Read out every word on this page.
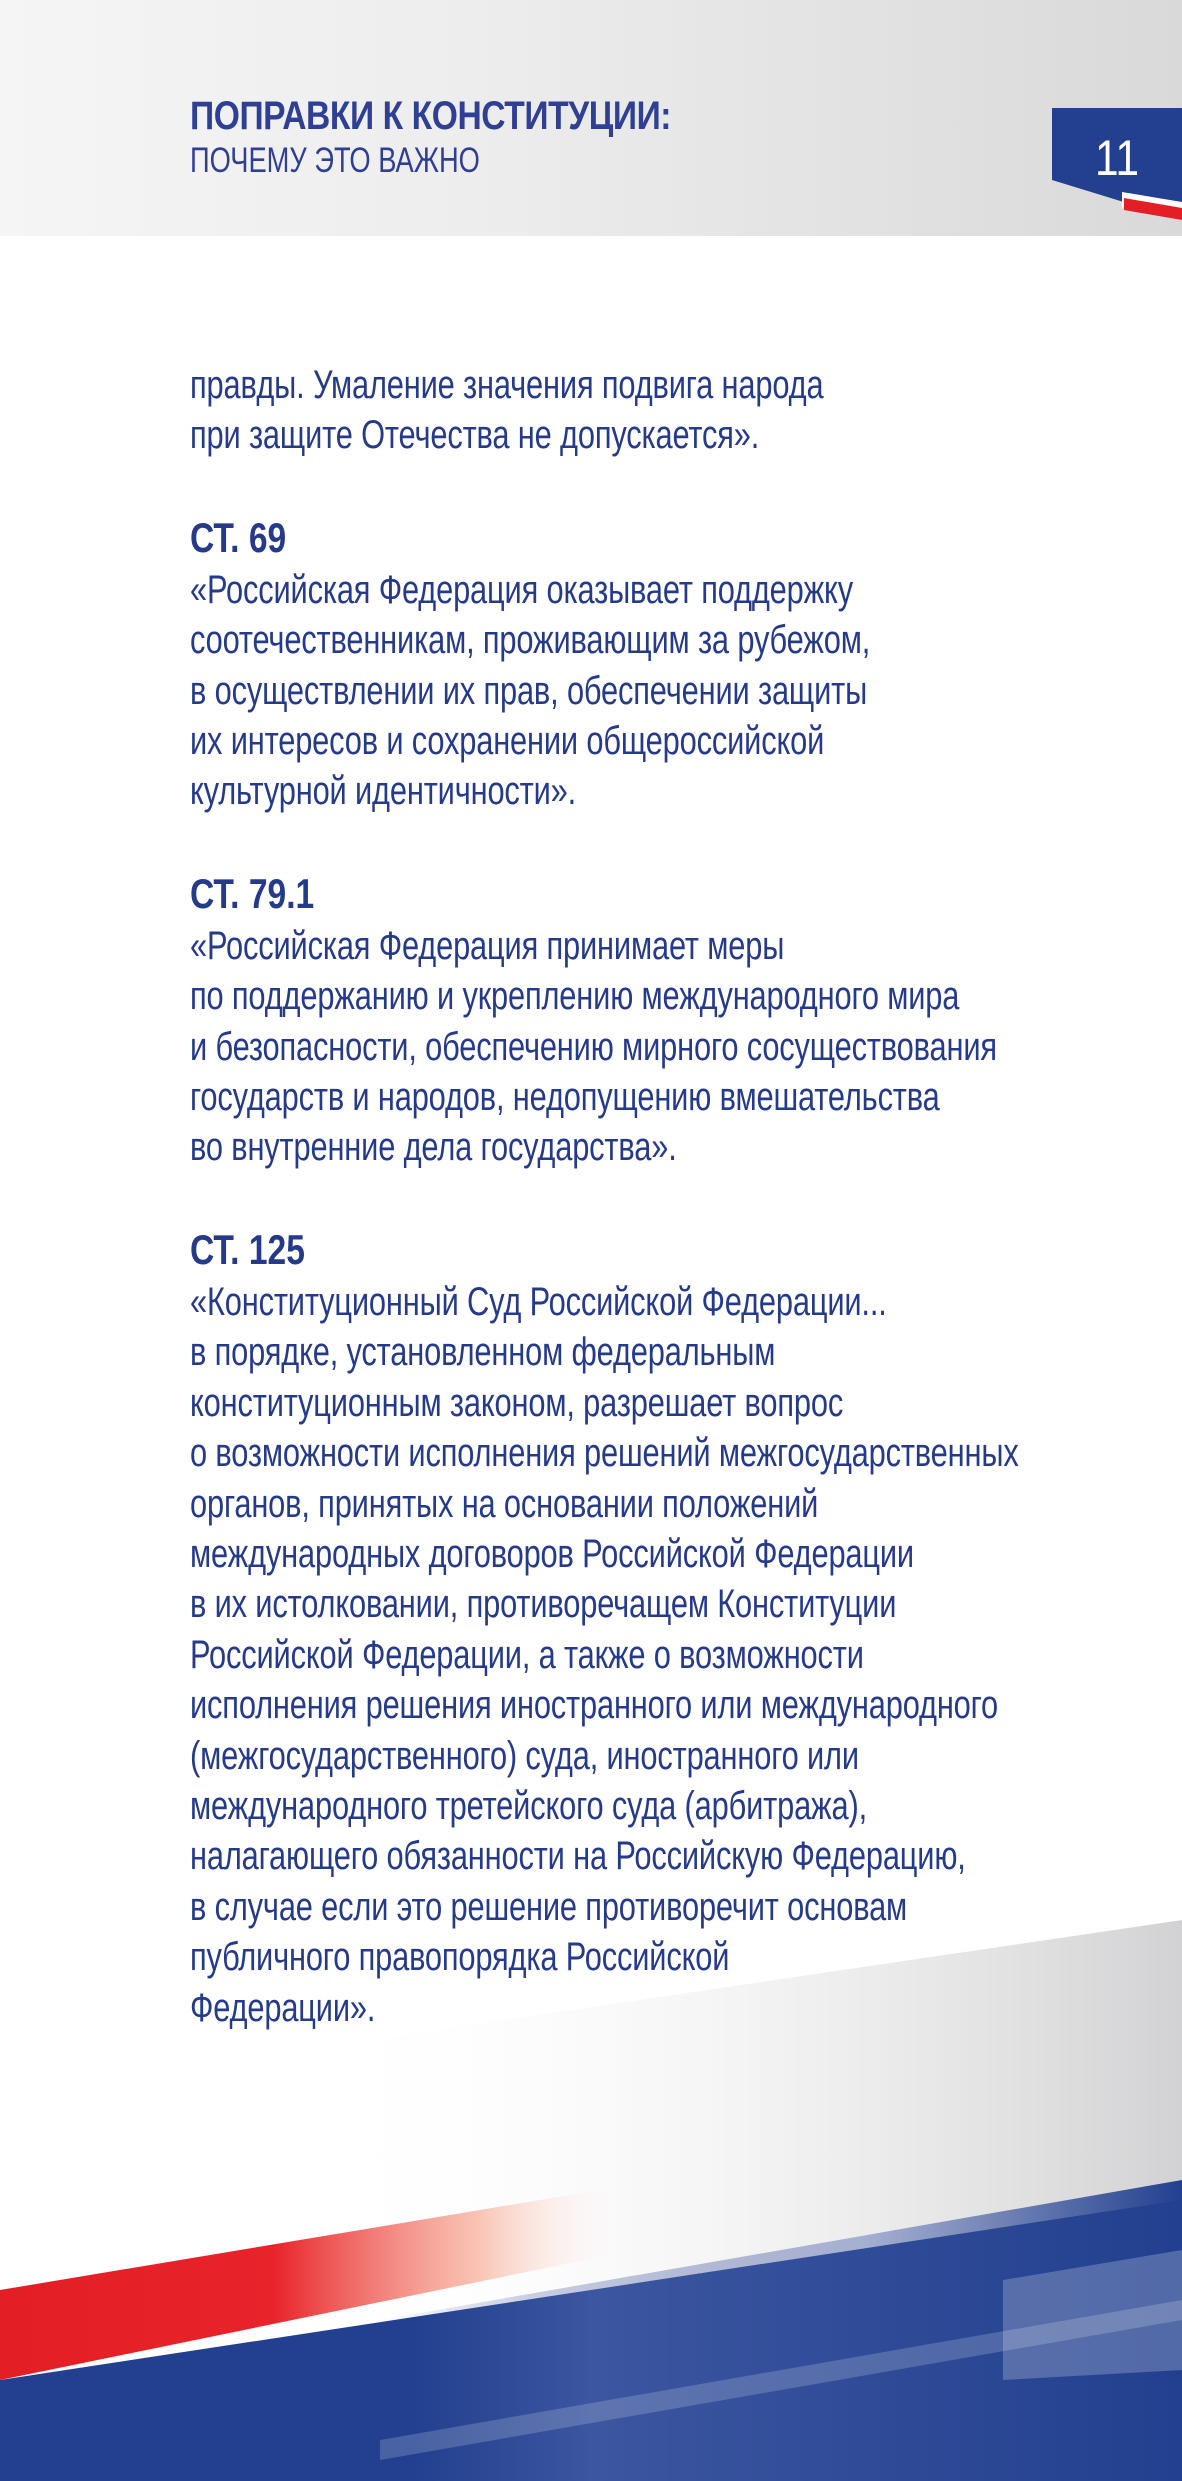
ПОПРАВКИ К КОНСТИТУЦИИ:
ПОЧЕМУ ЭТО ВАЖНО	11
правды. Умаление значения подвига народа
при защите Отечества не допускается».
СТ. 69
«Российская Федерация оказывает поддержку
соотечественникам, проживающим за рубежом,
в осуществлении их прав, обеспечении защиты
их интересов и сохранении общероссийской
культурной идентичности».
СТ. 79.1
«Российская Федерация принимает меры
по поддержанию и укреплению международного мира
и безопасности, обеспечению мирного сосуществования
государств и народов, недопущению вмешательства
во внутренние дела государства».
СТ. 125
«Конституционный Суд Российской Федерации...
в порядке, установленном федеральным
конституционным законом, разрешает вопрос
о возможности исполнения решений межгосударственных
органов, принятых на основании положений
международных договоров Российской Федерации
в их истолковании, противоречащем Конституции
Российской Федерации, а также о возможности
исполнения решения иностранного или международного
(межгосударственного) суда, иностранного или
международного третейского суда (арбитража),
налагающего обязанности на Российскую Федерацию,
в случае если это решение противоречит основам
публичного правопорядка Российской
Федерации».
